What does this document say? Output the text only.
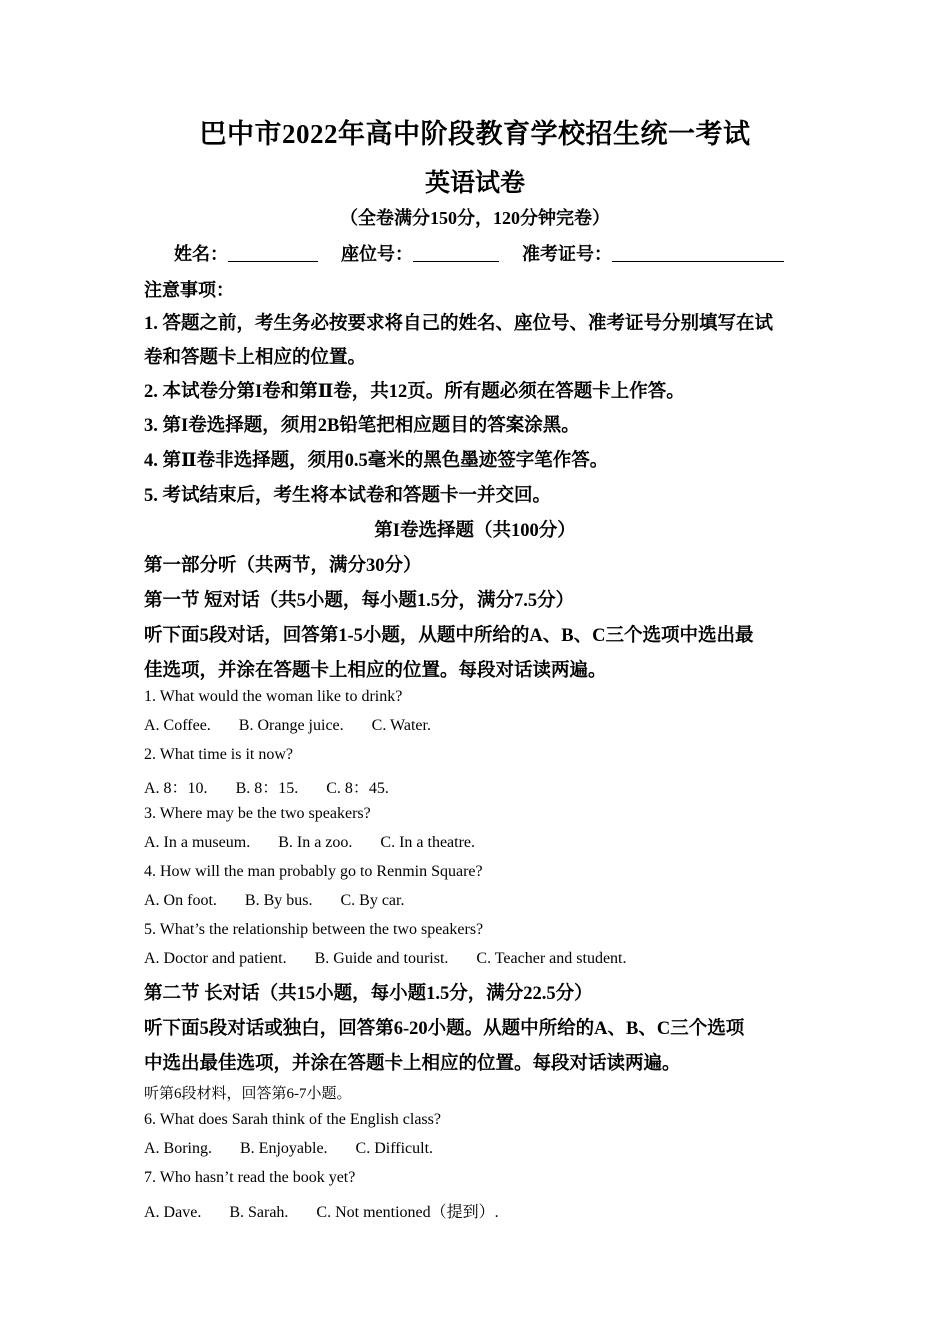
巴中市2022年高中阶段教育学校招生统一考试
英语试卷
（全卷满分150分，120分钟完卷）
姓名：	座位号：	准考证号：
注意事项：
1. 答题之前，考生务必按要求将自己的姓名、座位号、准考证号分别填写在试
卷和答题卡上相应的位置。
2. 本试卷分第I卷和第Ⅱ卷，共12页。所有题必须在答题卡上作答。
3. 第I卷选择题，须用2B铅笔把相应题目的答案涂黑。
4. 第Ⅱ卷非选择题，须用0.5毫米的黑色墨迹签字笔作答。
5. 考试结束后，考生将本试卷和答题卡一并交回。
第I卷选择题（共100分）
第一部分听（共两节，满分30分）
第一节 短对话（共5小题，每小题1.5分，满分7.5分）
听下面5段对话，回答第1-5小题，从题中所给的A、B、C三个选项中选出最
佳选项，并涂在答题卡上相应的位置。每段对话读两遍。
1. What would the woman like to drink?
A. Coffee. B. Orange juice. C. Water.
2. What time is it now?
A. 8：10. B. 8：15. C. 8：45.
3. Where may be the two speakers?
A. In a museum. B. In a zoo. C. In a theatre.
4. How will the man probably go to Renmin Square?
A. On foot. B. By bus. C. By car.
5. What’s the relationship between the two speakers?
A. Doctor and patient. B. Guide and tourist. C. Teacher and student.
第二节 长对话（共15小题，每小题1.5分，满分22.5分）
听下面5段对话或独白，回答第6-20小题。从题中所给的A、B、C三个选项
中选出最佳选项，并涂在答题卡上相应的位置。每段对话读两遍。
听第6段材料，回答第6-7小题。
6. What does Sarah think of the English class?
A. Boring. B. Enjoyable. C. Difficult.
7. Who hasn’t read the book yet?
A. Dave. B. Sarah. C. Not mentioned（提到）.
